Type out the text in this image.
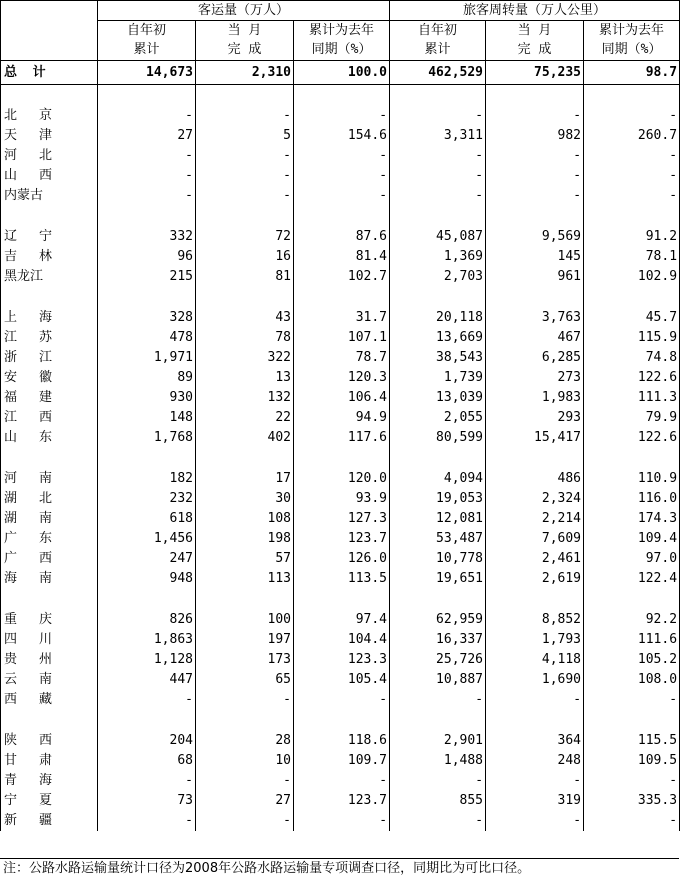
	客运量（万人）			旅客周转量（万人公里）		
	自年初	当 月	累计为去年	自年初	当 月	累计为去年
	累计	完 成	同期（%）	累计	完 成	同期（%）
总  计	14,673	2,310	100.0	462,529	75,235	98.7

北京	-	-	-	-	-	-
天津	27	5	154.6	3,311	982	260.7
河北	-	-	-	-	-	-
山西	-	-	-	-	-	-
内蒙古	-	-	-	-	-	-

辽宁	332	72	87.6	45,087	9,569	91.2
吉林	96	16	81.4	1,369	145	78.1
黑龙江	215	81	102.7	2,703	961	102.9

上海	328	43	31.7	20,118	3,763	45.7
江苏	478	78	107.1	13,669	467	115.9
浙江	1,971	322	78.7	38,543	6,285	74.8
安徽	89	13	120.3	1,739	273	122.6
福建	930	132	106.4	13,039	1,983	111.3
江西	148	22	94.9	2,055	293	79.9
山东	1,768	402	117.6	80,599	15,417	122.6

河南	182	17	120.0	4,094	486	110.9
湖北	232	30	93.9	19,053	2,324	116.0
湖南	618	108	127.3	12,081	2,214	174.3
广东	1,456	198	123.7	53,487	7,609	109.4
广西	247	57	126.0	10,778	2,461	97.0
海南	948	113	113.5	19,651	2,619	122.4

重庆	826	100	97.4	62,959	8,852	92.2
四川	1,863	197	104.4	16,337	1,793	111.6
贵州	1,128	173	123.3	25,726	4,118	105.2
云南	447	65	105.4	10,887	1,690	108.0
西藏	-	-	-	-	-	-

陕西	204	28	118.6	2,901	364	115.5
甘肃	68	10	109.7	1,488	248	109.5
青海	-	-	-	-	-	-
宁夏	73	27	123.7	855	319	335.3
新疆	-	-	-	-	-	-
注：公路水路运输量统计口径为2008年公路水路运输量专项调查口径，同期比为可比口径。
